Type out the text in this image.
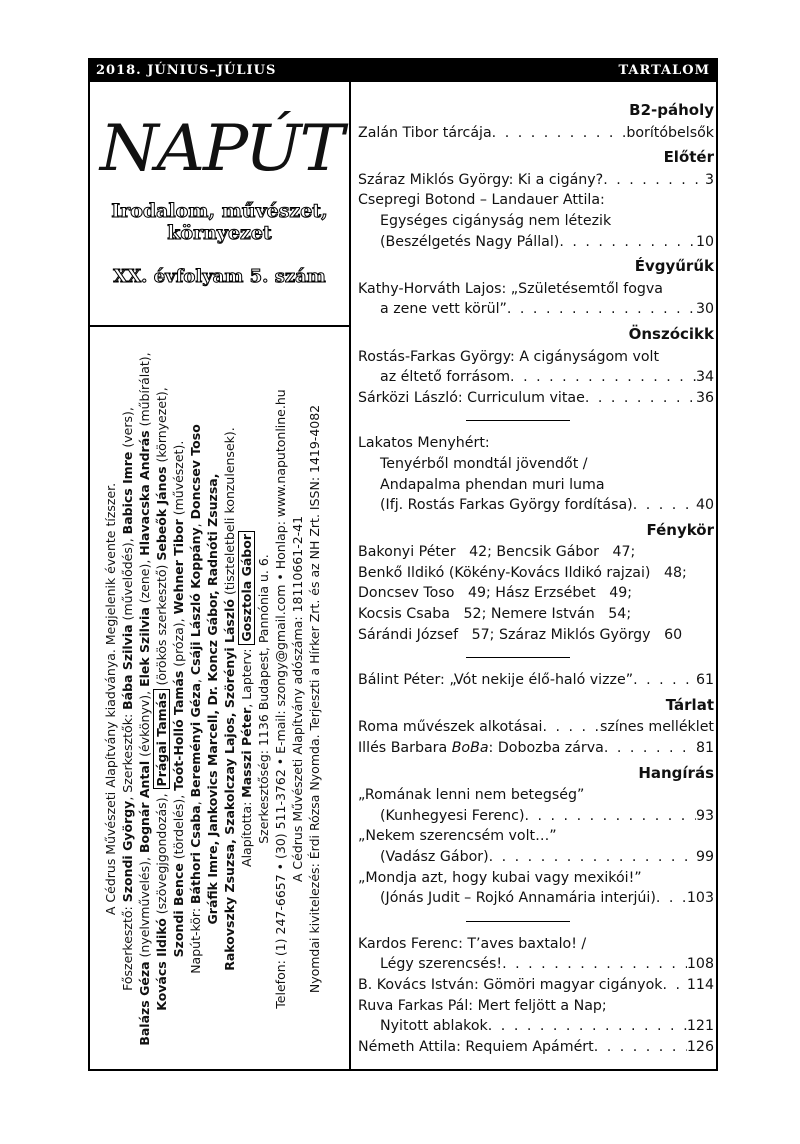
2018. JÚNIUS–JÚLIUS	TARTALOM
NAPÚT
Irodalom, művészet,
környezet
XX. évfolyam 5. szám

A Cédrus Művészeti Alapítvány kiadványa. Megjelenik évente tízszer.

Főszerkesztő: Szondi György, Szerkesztők: Bába Szilvia (művelődés), Babics Imre (vers),

Balázs Géza (nyelvművelés), Bognár Antal (évkönyv), Elek Szilvia (zene), Hlavacska András (műbírálat),

Kovács Ildikó (szövegjgondozás), Prágai Tamás (örökös szerkesztő) Sebeők János (környezet),

Szondi Bence (tördelés), Toót-Holló Tamás (próza), Wehner Tibor (művészet).

Napút-kör: Báthori Csaba, Bereményi Géza, Csáji László Koppány, Doncsev Toso

Gráfik Imre, Jankovics Marcell, Dr. Koncz Gábor, Radnóti Zsuzsa, Rakovszky Zsuzsa, Szakolczay Lajos, Szörényi László (tiszteletbeli konzulensek).

Alapította: Masszi Péter, Lapterv: Gosztola Gábor Szerkesztőség: 1136 Budapest, Pannónia u. 6. Telefon: (1) 247-6657 • (30) 511-3762 • E-mail: szongy@gmail.com • Honlap: www.naputonline.hu A Cédrus Művészeti Alapítvány adószáma: 18110661-2-41 Nyomdai kivitelezés: Érdi Rózsa Nyomda. Terjeszti a Hírker Zrt. és az NH Zrt. ISSN: 1419-4082

B2-páholy
Zalán Tibor tárcája . . .	borítóbelsők
Előtér
Száraz Miklós György: Ki a cigány? . . .	3
Csepregi Botond – Landauer Attila:
Egységes cigányság nem létezik
(Beszélgetés Nagy Pállal) . . .	10
Évgyűrűk
Kathy-Horváth Lajos: „Születésemtől fogva
a zene vett körül” . . .	30
Önszócikk
Rostás-Farkas György: A cigányságom volt
az éltető forrásom . . .	34
Sárközi László: Curriculum vitae . . .	36
Lakatos Menyhért:
Tenyérből mondtál jövendőt /
Andapalma phendan muri luma
(Ifj. Rostás Farkas György fordítása) . . .	40
Fénykör
Bakonyi Péter   42; Bencsik Gábor   47;
Benkő Ildikó (Kökény-Kovács Ildikó rajzai)   48;
Doncsev Toso   49; Hász Erzsébet   49;
Kocsis Csaba   52; Nemere István   54;
Sárándi József   57; Száraz Miklós György   60
Bálint Péter: „Vót nekije élő-haló vizze” . . .	61
Tárlat
Roma művészek alkotásai . . .	színes melléklet
Illés Barbara BoBa: Dobozba zárva . . .	81
Hangírás
„Romának lenni nem betegség”
(Kunhegyesi Ferenc) . . .	93
„Nekem szerencsém volt…”
(Vadász Gábor) . . .	99
„Mondja azt, hogy kubai vagy mexikói!”
(Jónás Judit – Rojkó Annamária interjúi) . . . 103
Kardos Ferenc: T’aves baxtalo! /
Légy szerencsés! . . .	108
B. Kovács István: Gömöri magyar cigányok . . . 114
Ruva Farkas Pál: Mert feljött a Nap;
Nyitott ablakok . . .	121
Németh Attila: Requiem Apámért . . .	126
